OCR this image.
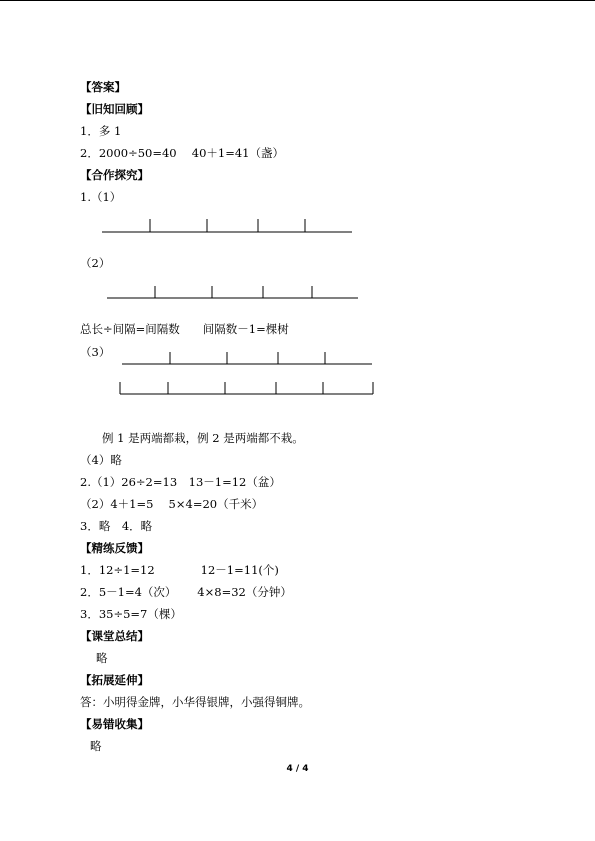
【答案】
【旧知回顾】
1．多 1
2．2000÷50=40　 40＋1=41（盏）
【合作探究】
1.（1）
（2）
总长÷间隔=间隔数　　间隔数－1=棵树
（3）
例 1 是两端都栽，例 2 是两端都不栽。
（4）略
2.（1）26÷2=13　13－1=12（盆）
（2）4＋1=5　 5×4=20（千米）
3．略　4．略
【精练反馈】
1．12÷1=12　　　　12－1=11(个)
2．5－1=4（次）　　 4×8=32（分钟）
3．35÷5=7（棵）
【课堂总结】
略
【拓展延伸】
答：小明得金牌，小华得银牌，小强得铜牌。
【易错收集】
略
4 / 4
